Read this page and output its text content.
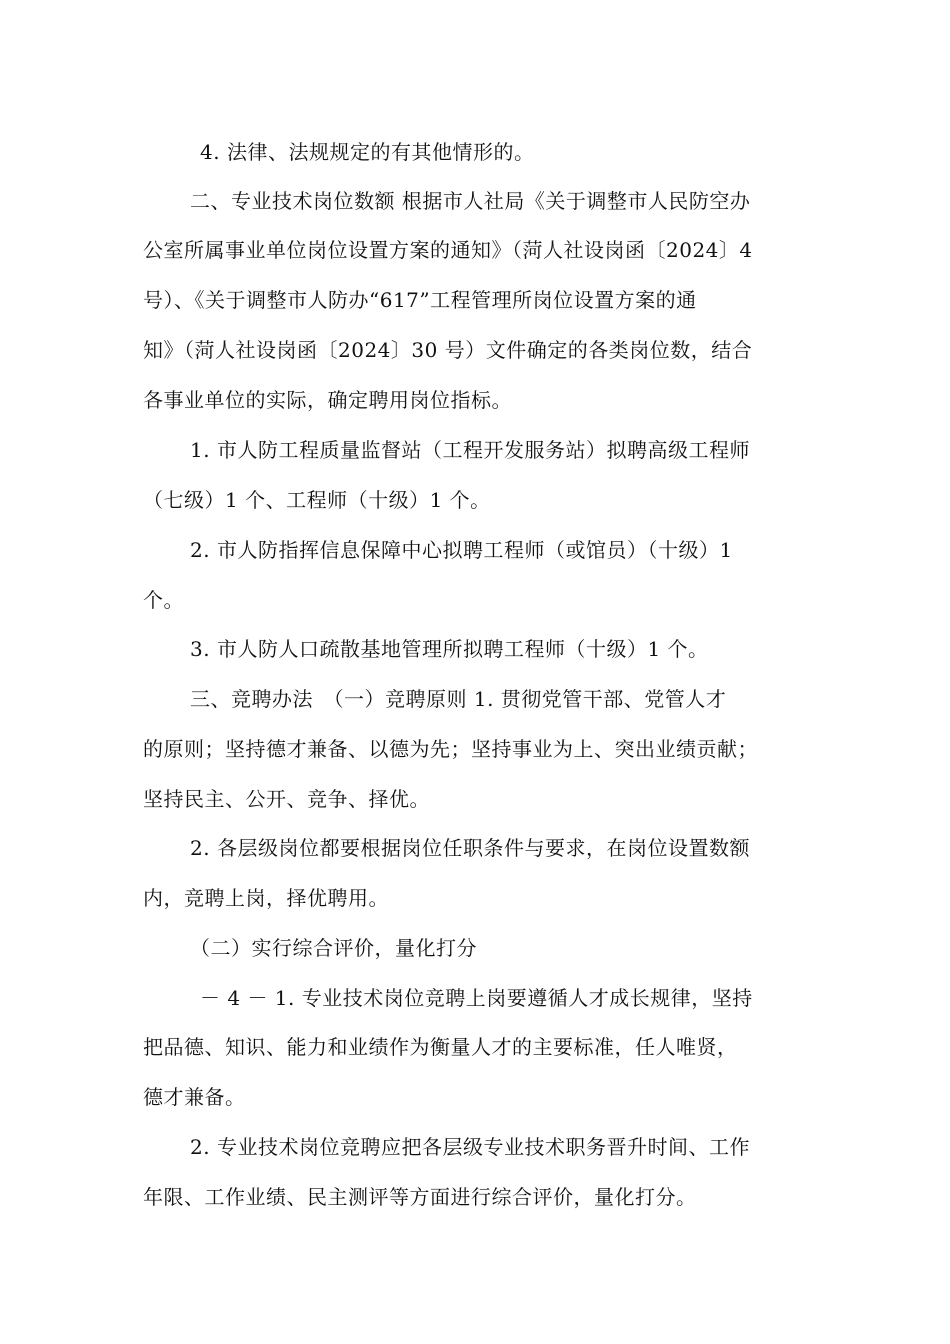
4. 法律、法规规定的有其他情形的。
二、专业技术岗位数额 根据市人社局《关于调整市人民防空办
公室所属事业单位岗位设置方案的通知》（菏人社设岗函〔2024〕4
号）、《关于调整市人防办“617”工程管理所岗位设置方案的通
知》（菏人社设岗函〔2024〕30 号）文件确定的各类岗位数，结合
各事业单位的实际，确定聘用岗位指标。
1. 市人防工程质量监督站（工程开发服务站）拟聘高级工程师
（七级）1 个、工程师（十级）1 个。
2. 市人防指挥信息保障中心拟聘工程师（或馆员）（十级）1
个。
3. 市人防人口疏散基地管理所拟聘工程师（十级）1 个。
三、竞聘办法　（一）竞聘原则 1. 贯彻党管干部、党管人才
的原则；坚持德才兼备、以德为先；坚持事业为上、突出业绩贡献；
坚持民主、公开、竞争、择优。
2. 各层级岗位都要根据岗位任职条件与要求，在岗位设置数额
内，竞聘上岗，择优聘用。
（二）实行综合评价，量化打分
－ 4 － 1. 专业技术岗位竞聘上岗要遵循人才成长规律，坚持
把品德、知识、能力和业绩作为衡量人才的主要标准，任人唯贤，
德才兼备。
2. 专业技术岗位竞聘应把各层级专业技术职务晋升时间、工作
年限、工作业绩、民主测评等方面进行综合评价，量化打分。
